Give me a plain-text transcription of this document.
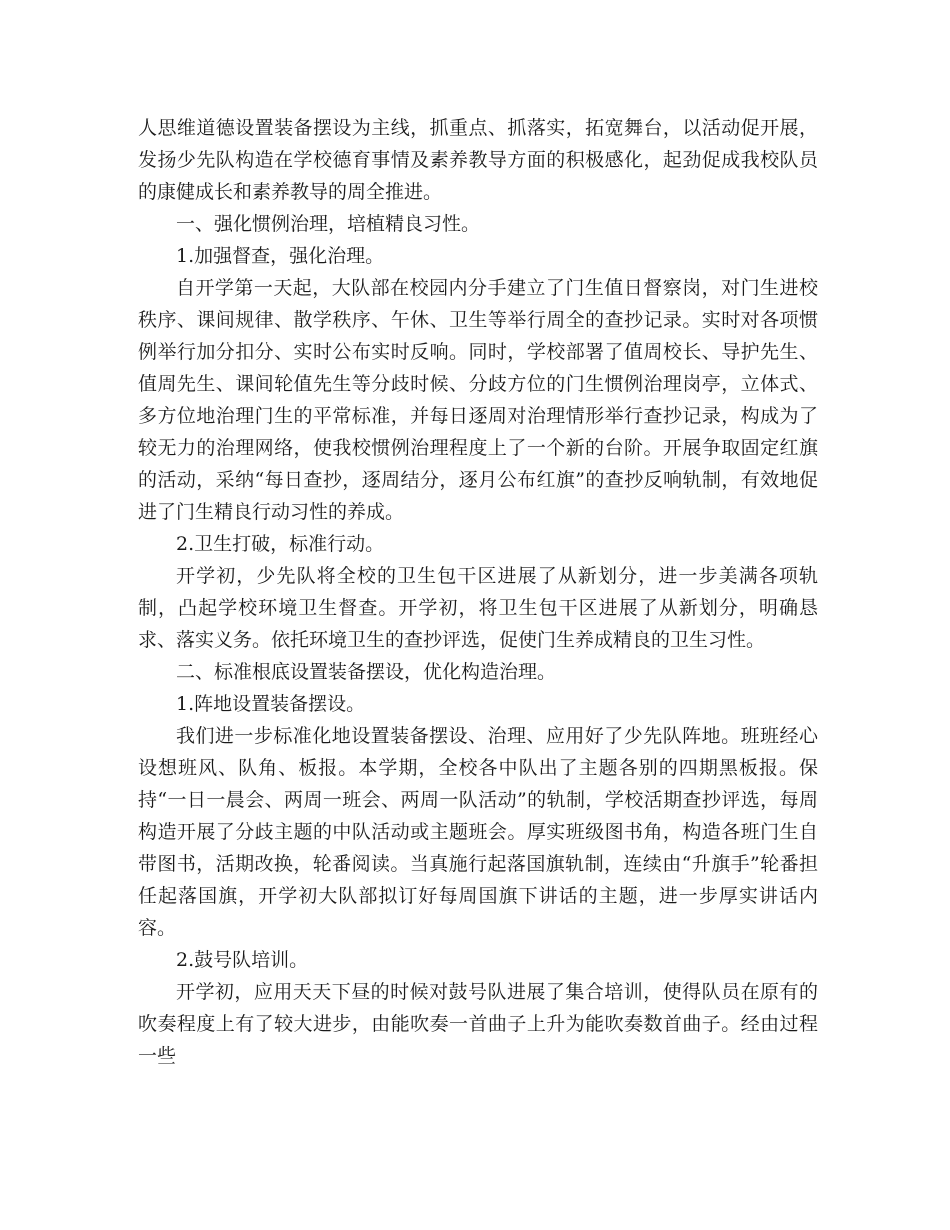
人思维道德设置装备摆设为主线，抓重点、抓落实，拓宽舞台，以活动促开展，发扬少先队构造在学校德育事情及素养教导方面的积极感化，起劲促成我校队员的康健成长和素养教导的周全推进。

一、强化惯例治理，培植精良习性。

1.加强督查，强化治理。

自开学第一天起，大队部在校园内分手建立了门生值日督察岗，对门生进校秩序、课间规律、散学秩序、午休、卫生等举行周全的查抄记录。实时对各项惯例举行加分扣分、实时公布实时反响。同时，学校部署了值周校长、导护先生、值周先生、课间轮值先生等分歧时候、分歧方位的门生惯例治理岗亭，立体式、多方位地治理门生的平常标准，并每日逐周对治理情形举行查抄记录，构成为了较无力的治理网络，使我校惯例治理程度上了一个新的台阶。开展争取固定红旗的活动，采纳“每日查抄，逐周结分，逐月公布红旗”的查抄反响轨制，有效地促进了门生精良行动习性的养成。

2.卫生打破，标准行动。

开学初，少先队将全校的卫生包干区进展了从新划分，进一步美满各项轨制，凸起学校环境卫生督查。开学初，将卫生包干区进展了从新划分，明确恳求、落实义务。依托环境卫生的查抄评选，促使门生养成精良的卫生习性。

二、标准根底设置装备摆设，优化构造治理。

1.阵地设置装备摆设。

我们进一步标准化地设置装备摆设、治理、应用好了少先队阵地。班班经心设想班风、队角、板报。本学期，全校各中队出了主题各别的四期黑板报。保持“一日一晨会、两周一班会、两周一队活动”的轨制，学校活期查抄评选，每周构造开展了分歧主题的中队活动或主题班会。厚实班级图书角，构造各班门生自带图书，活期改换，轮番阅读。当真施行起落国旗轨制，连续由“升旗手”轮番担任起落国旗，开学初大队部拟订好每周国旗下讲话的主题，进一步厚实讲话内容。

2.鼓号队培训。

开学初，应用天天下昼的时候对鼓号队进展了集合培训，使得队员在原有的吹奏程度上有了较大进步，由能吹奏一首曲子上升为能吹奏数首曲子。经由过程一些
